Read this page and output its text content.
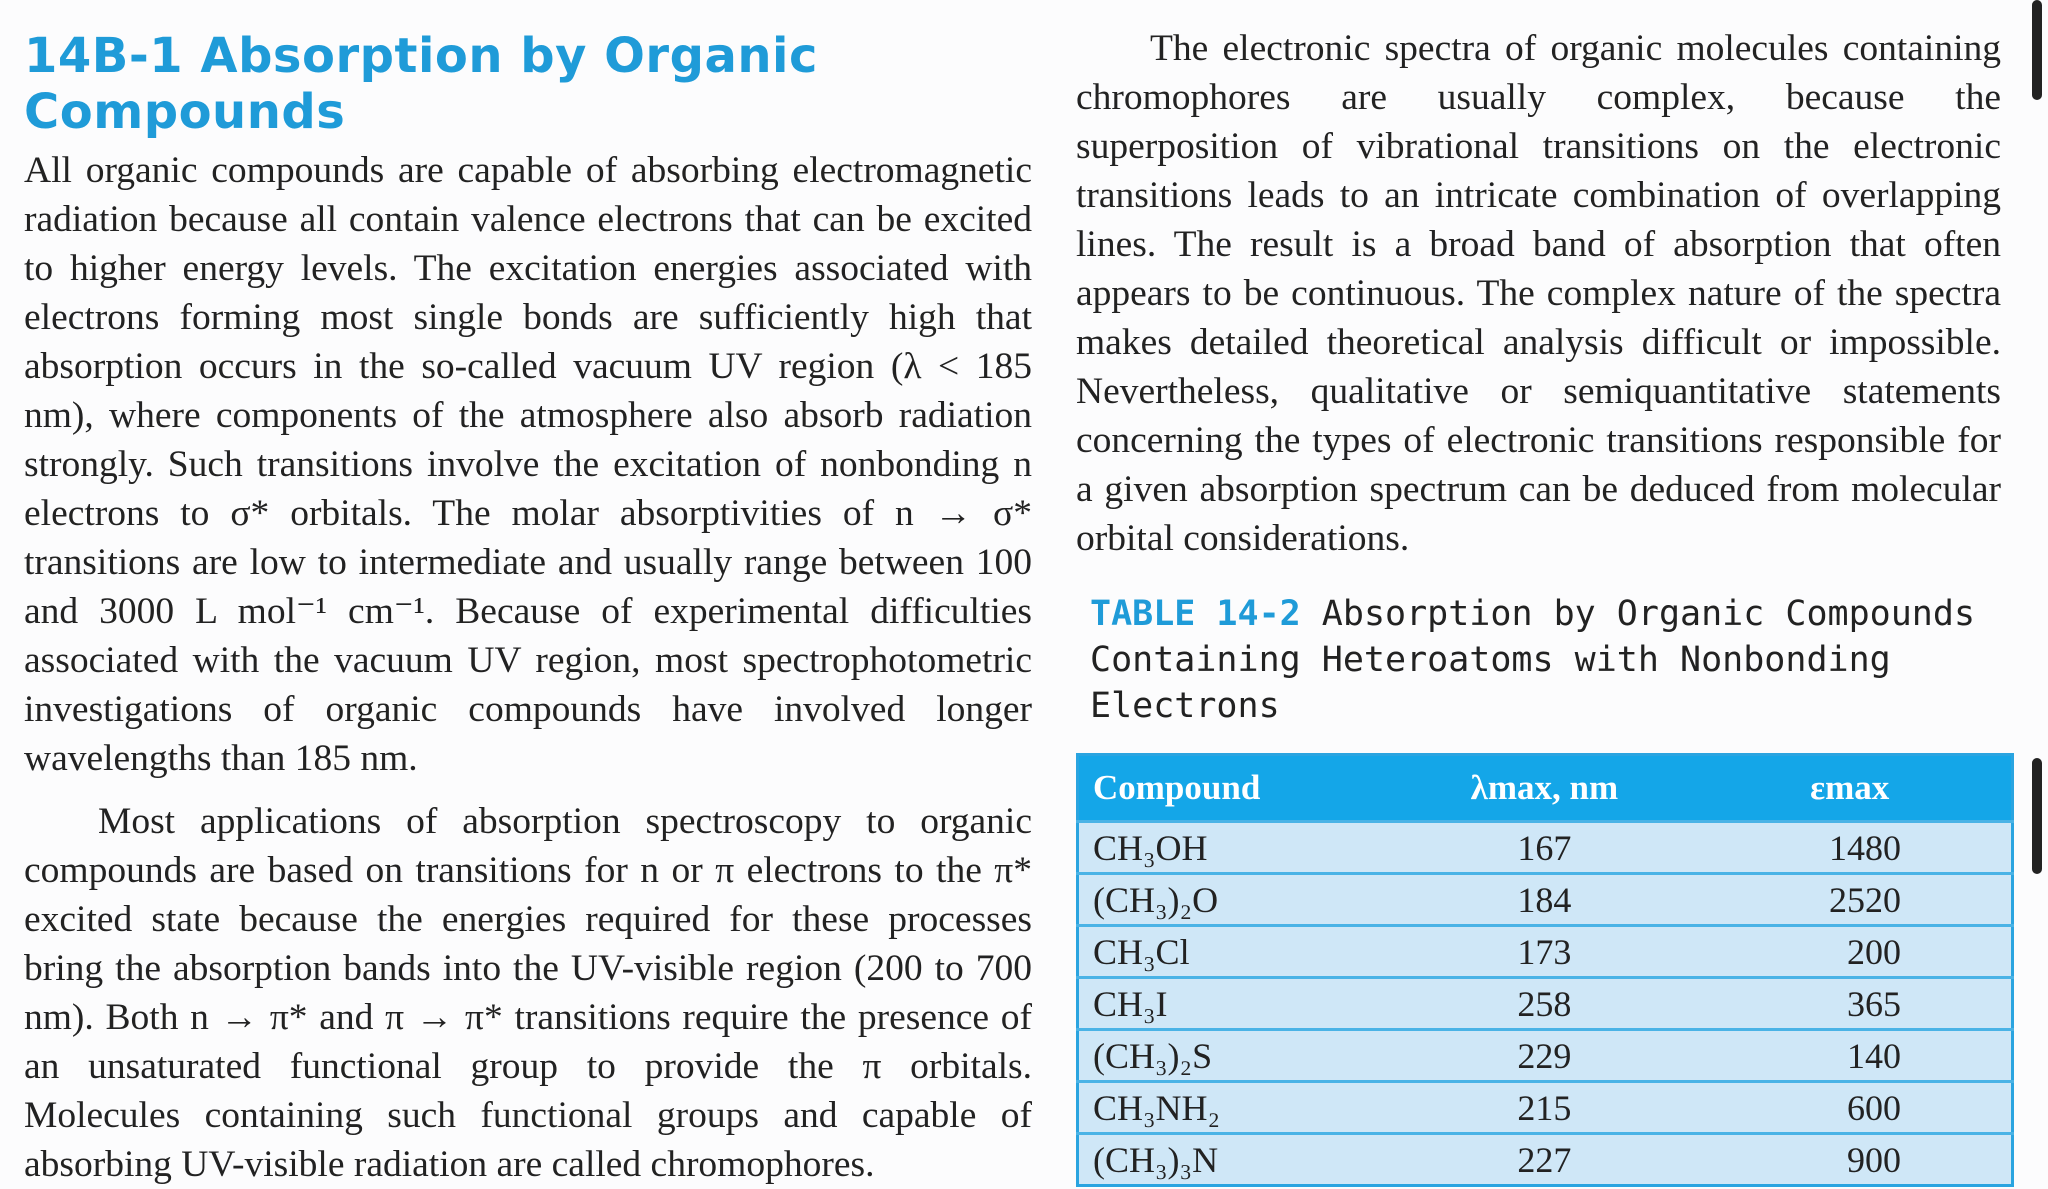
14B-1 Absorption by Organic Compounds

All organic compounds are capable of absorbing electromagnetic radiation because all contain valence electrons that can be excited to higher energy levels. The excitation energies associated with electrons forming most single bonds are sufficiently high that absorption occurs in the so-called vacuum UV region (λ < 185 nm), where components of the atmosphere also absorb radiation strongly. Such transitions involve the excitation of nonbonding n electrons to σ* orbitals. The molar absorptivities of n → σ* transitions are low to intermediate and usually range between 100 and 3000 L mol⁻¹ cm⁻¹. Because of experimental difficulties associated with the vacuum UV region, most spectrophotometric investigations of organic compounds have involved longer wavelengths than 185 nm.

Most applications of absorption spectroscopy to organic compounds are based on transitions for n or π electrons to the π* excited state because the energies required for these processes bring the absorption bands into the UV-visible region (200 to 700 nm). Both n → π* and π → π* transitions require the presence of an unsaturated functional group to provide the π orbitals. Molecules containing such functional groups and capable of absorbing UV-visible radiation are called chromophores.

The electronic spectra of organic molecules containing chromophores are usually complex, because the superposition of vibrational transitions on the electronic transitions leads to an intricate combination of overlapping lines. The result is a broad band of absorption that often appears to be continuous. The complex nature of the spectra makes detailed theoretical analysis difficult or impossible. Nevertheless, qualitative or semiquantitative statements concerning the types of electronic transitions responsible for a given absorption spectrum can be deduced from molecular orbital considerations.

TABLE 14-2 Absorption by Organic Compounds Containing Heteroatoms with Nonbonding Electrons
Compound	λmax, nm	εmax
CH₃OH	167	1480
(CH₃)₂O	184	2520
CH₃Cl	173	200
CH₃I	258	365
(CH₃)₂S	229	140
CH₃NH₂	215	600
(CH₃)₃N	227	900
